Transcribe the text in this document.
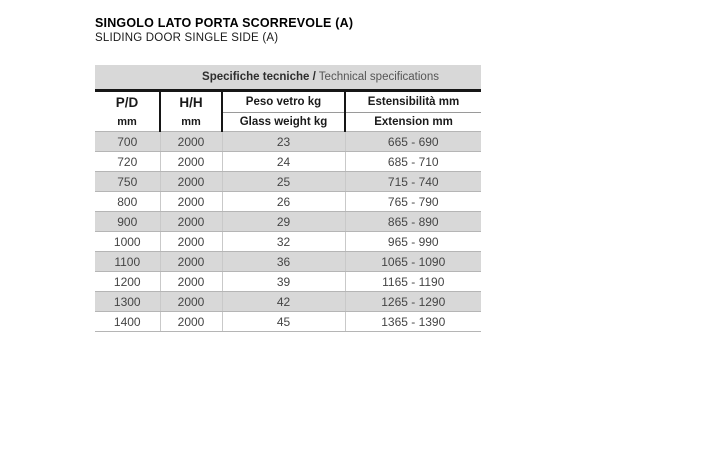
SINGOLO LATO PORTA SCORREVOLE (A)
SLIDING DOOR SINGLE SIDE (A)
Specifiche tecniche / Technical specifications			
P/D	H/H	Peso vetro kg	Estensibilità mm
mm	mm	Glass weight kg	Extension mm
700	2000	23	665 - 690
720	2000	24	685 - 710
750	2000	25	715 - 740
800	2000	26	765 - 790
900	2000	29	865 - 890
1000	2000	32	965 - 990
1100	2000	36	1065 - 1090
1200	2000	39	1165 - 1190
1300	2000	42	1265 - 1290
1400	2000	45	1365 - 1390
